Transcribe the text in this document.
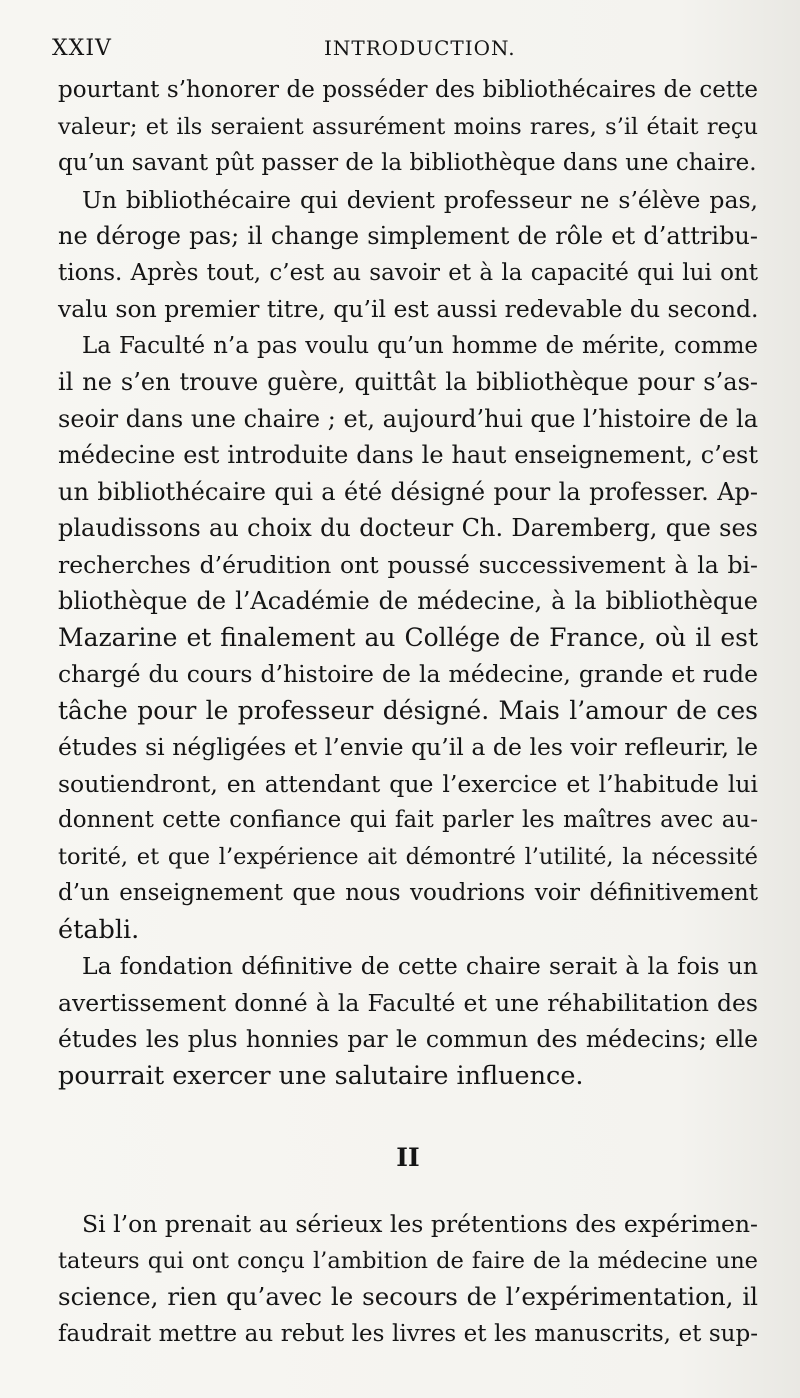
XXIV	INTRODUCTION.
pourtant s’honorer de posséder des bibliothécaires de cette
valeur; et ils seraient assurément moins rares, s’il était reçu
qu’un savant pût passer de la bibliothèque dans une chaire.
Un bibliothécaire qui devient professeur ne s’élève pas,
ne déroge pas; il change simplement de rôle et d’attribu-
tions. Après tout, c’est au savoir et à la capacité qui lui ont
valu son premier titre, qu’il est aussi redevable du second.
La Faculté n’a pas voulu qu’un homme de mérite, comme
il ne s’en trouve guère, quittât la bibliothèque pour s’as-
seoir dans une chaire ; et, aujourd’hui que l’histoire de la
médecine est introduite dans le haut enseignement, c’est
un bibliothécaire qui a été désigné pour la professer. Ap-
plaudissons au choix du docteur Ch. Daremberg, que ses
recherches d’érudition ont poussé successivement à la bi-
bliothèque de l’Académie de médecine, à la bibliothèque
Mazarine et finalement au Collége de France, où il est
chargé du cours d’histoire de la médecine, grande et rude
tâche pour le professeur désigné. Mais l’amour de ces
études si négligées et l’envie qu’il a de les voir refleurir, le
soutiendront, en attendant que l’exercice et l’habitude lui
donnent cette confiance qui fait parler les maîtres avec au-
torité, et que l’expérience ait démontré l’utilité, la nécessité
d’un enseignement que nous voudrions voir définitivement
établi.
La fondation définitive de cette chaire serait à la fois un
avertissement donné à la Faculté et une réhabilitation des
études les plus honnies par le commun des médecins; elle
pourrait exercer une salutaire influence.
II
Si l’on prenait au sérieux les prétentions des expérimen-
tateurs qui ont conçu l’ambition de faire de la médecine une
science, rien qu’avec le secours de l’expérimentation, il
faudrait mettre au rebut les livres et les manuscrits, et sup-
